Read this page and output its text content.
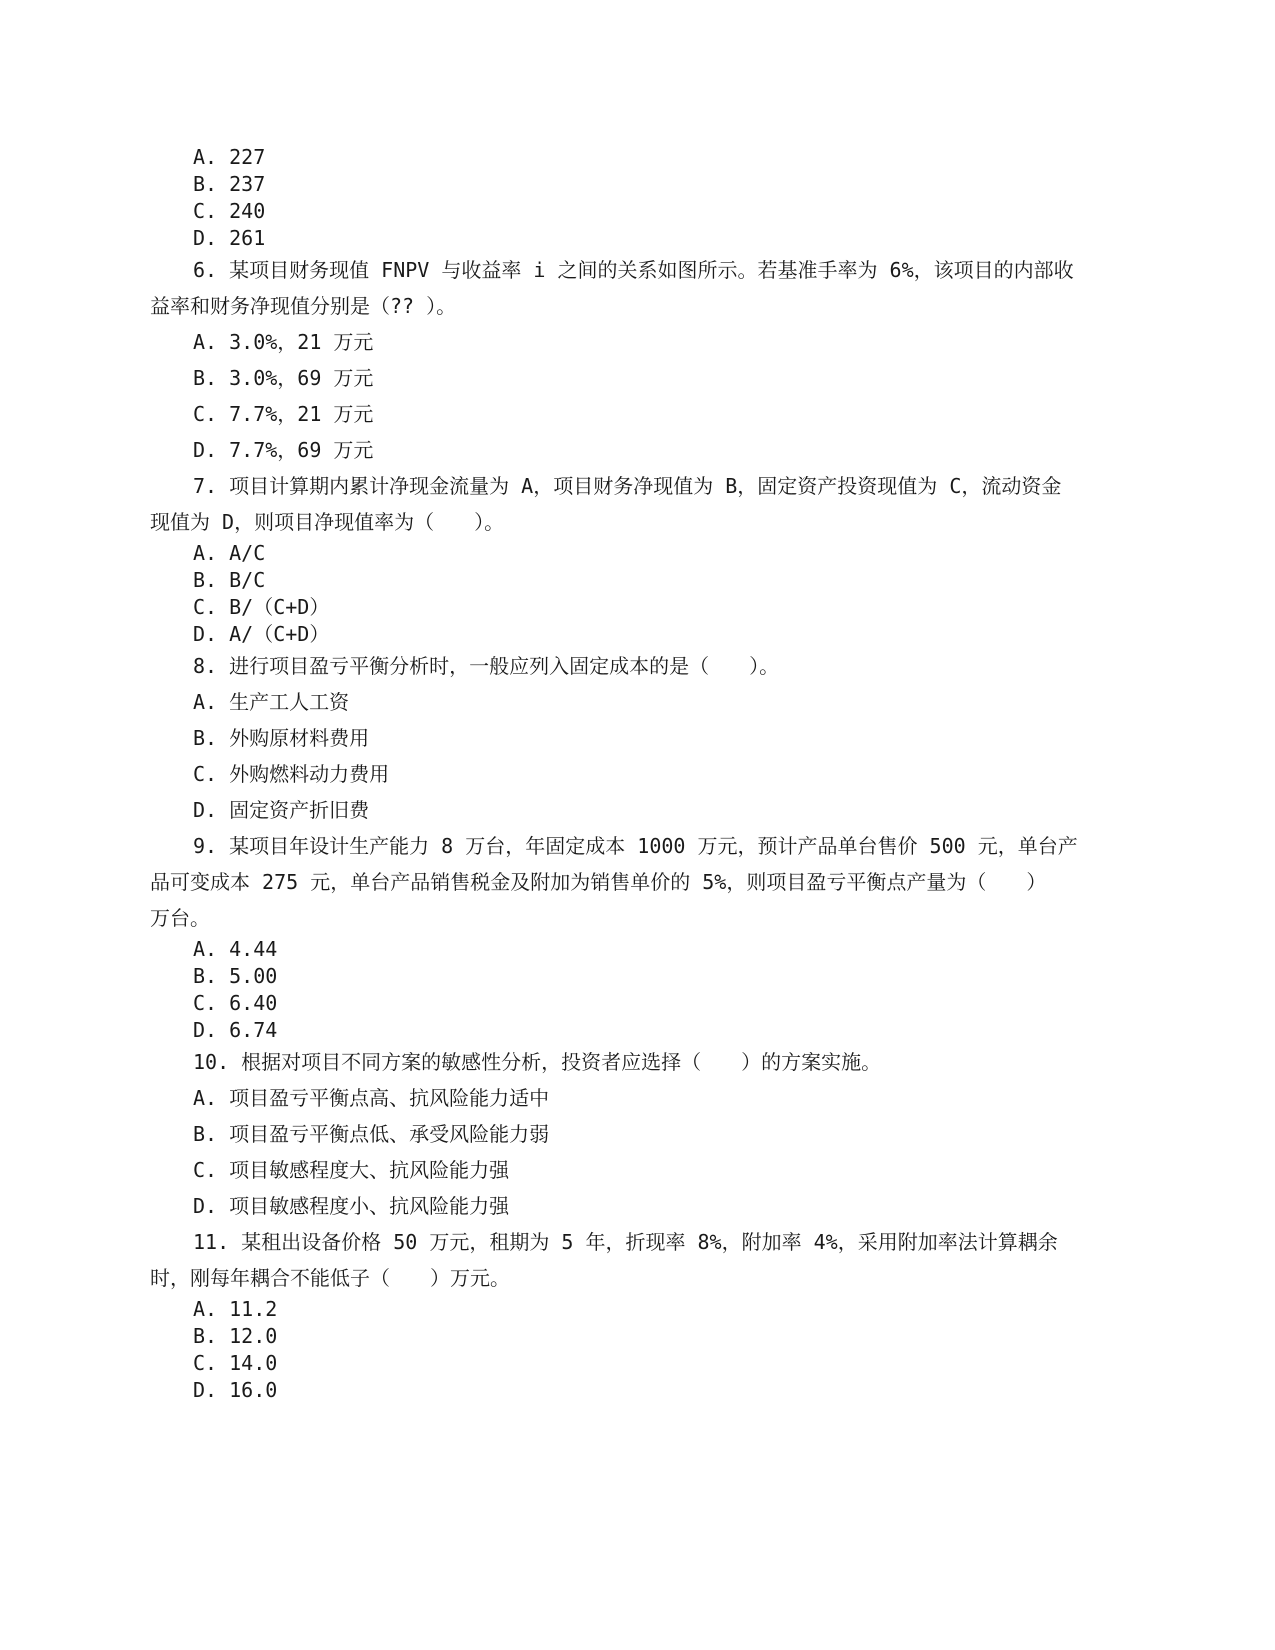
A. 227
B. 237
C. 240
D. 261
6. 某项目财务现值 FNPV 与收益率 i 之间的关系如图所示。若基准手率为 6%，该项目的内部收
益率和财务净现值分别是（?? ）。
A. 3.0%，21 万元
B. 3.0%，69 万元
C. 7.7%，21 万元
D. 7.7%，69 万元
7. 项目计算期内累计净现金流量为 A，项目财务净现值为 B，固定资产投资现值为 C，流动资金
现值为 D，则项目净现值率为（　　）。
A. A/C
B. B/C
C. B/（C+D）
D. A/（C+D）
8. 进行项目盈亏平衡分析时，一般应列入固定成本的是（　　）。
A. 生产工人工资
B. 外购原材料费用
C. 外购燃料动力费用
D. 固定资产折旧费
9. 某项目年设计生产能力 8 万台，年固定成本 1000 万元，预计产品单台售价 500 元，单台产
品可变成本 275 元，单台产品销售税金及附加为销售单价的 5%，则项目盈亏平衡点产量为（　　）
万台。
A. 4.44
B. 5.00
C. 6.40
D. 6.74
10. 根据对项目不同方案的敏感性分析，投资者应选择（　　）的方案实施。
A. 项目盈亏平衡点高、抗风险能力适中
B. 项目盈亏平衡点低、承受风险能力弱
C. 项目敏感程度大、抗风险能力强
D. 项目敏感程度小、抗风险能力强
11. 某租出设备价格 50 万元，租期为 5 年，折现率 8%，附加率 4%，采用附加率法计算耦余
时，刚每年耦合不能低子（　　）万元。
A. 11.2
B. 12.0
C. 14.0
D. 16.0
